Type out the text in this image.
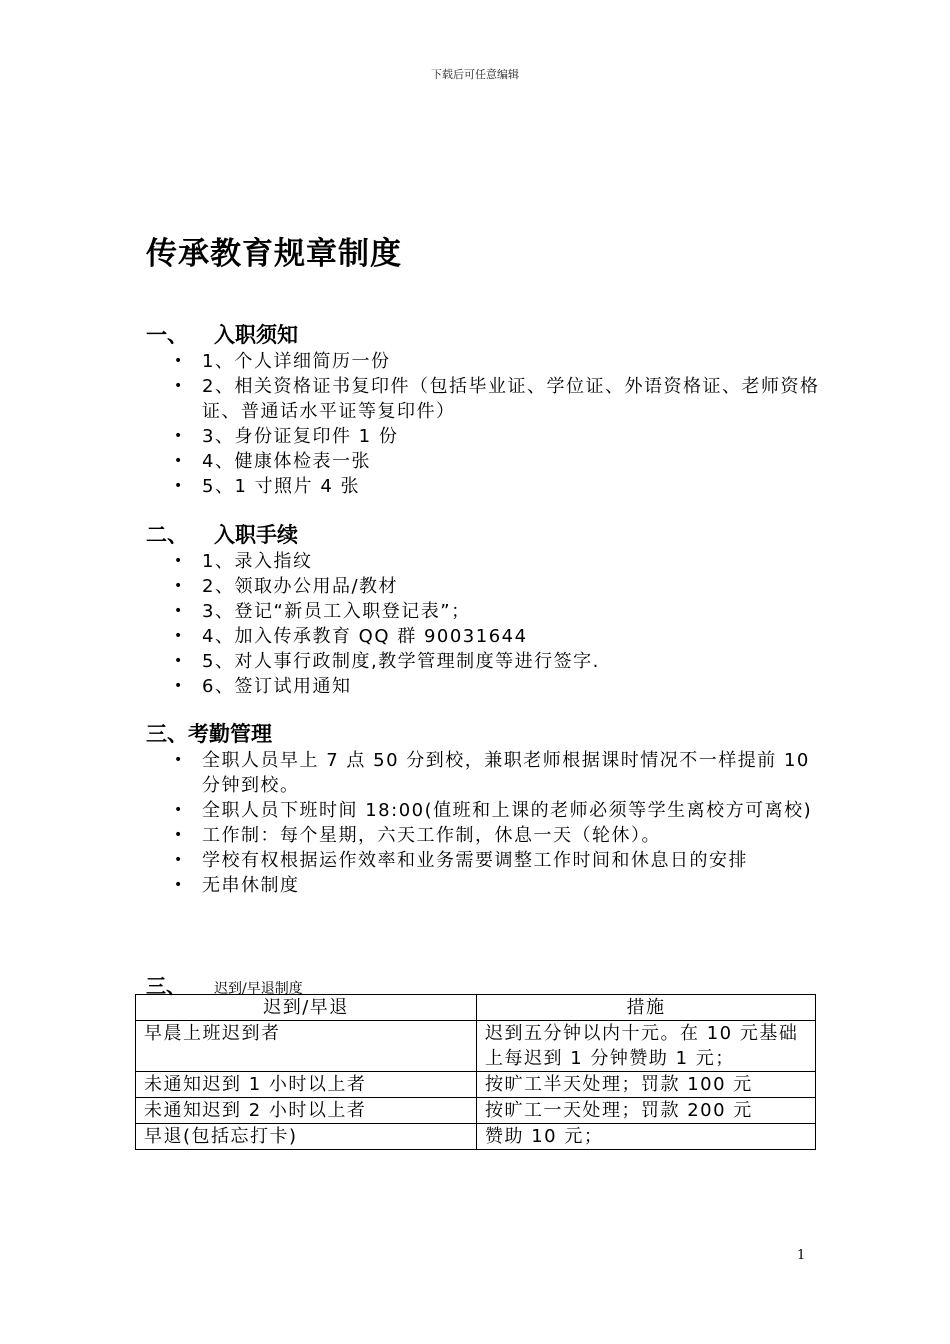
下载后可任意编辑
传承教育规章制度
一、 入职须知
• 1、个人详细简历一份
• 2、相关资格证书复印件（包括毕业证、学位证、外语资格证、老师资格证、普通话水平证等复印件）
• 3、身份证复印件 1 份
• 4、健康体检表一张
• 5、1 寸照片 4 张
二、 入职手续
• 1、录入指纹
• 2、领取办公用品/教材
• 3、登记“新员工入职登记表”；
• 4、加入传承教育 QQ 群 90031644
• 5、对人事行政制度,教学管理制度等进行签字.
• 6、签订试用通知
三、考勤管理
• 全职人员早上 7 点 50 分到校，兼职老师根据课时情况不一样提前 10 分钟到校。
• 全职人员下班时间 18:00(值班和上课的老师必须等学生离校方可离校)
• 工作制：每个星期，六天工作制，休息一天（轮休）。
• 学校有权根据运作效率和业务需要调整工作时间和休息日的安排
• 无串休制度
三、 迟到/早退制度
迟到/早退	措施
早晨上班迟到者	迟到五分钟以内十元。在 10 元基础上每迟到 1 分钟赞助 1 元；
未通知迟到 1 小时以上者	按旷工半天处理；罚款 100 元
未通知迟到 2 小时以上者	按旷工一天处理；罚款 200 元
早退(包括忘打卡)	赞助 10 元；
1
